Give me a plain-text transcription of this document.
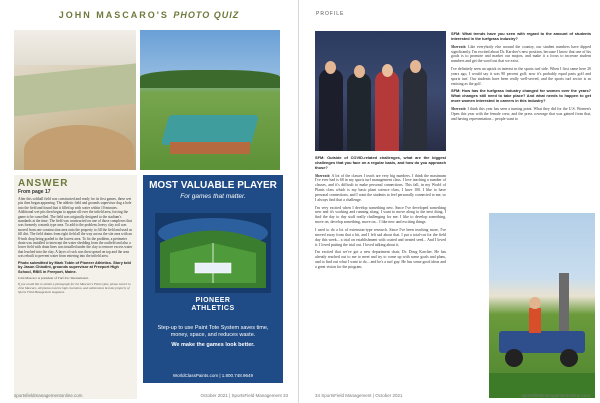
JOHN MASCARO'S PHOTO QUIZ
ANSWER
From page 17
After this softball field was constructed and ready for its first games, these wet pits then began appearing. The athletic field and grounds supervisor dug a hole into the field and found that it filled up with water within 10 minutes. Additional wet pits then began to appear all over the infield area, forcing the game to be cancelled. The field was originally designed to the stadium's standards at the time. The field was constructed on one of those complexes that was formerly a marsh type area. To add to the problem, heavy clay soil was moved from one construction area onto the property to fill the field and used as fill dirt. The field drains from right field all the way across the site area with an 8-inch drop being graded to the lowest area. To fix the problem, a perimeter drain was installed to intercept the water shedding from the outfield and also a lower field with drain lines was installed under the clay to remove excess water that leached into the clay. A layer of rock was then spread on top and the area was rebuilt to prevent water from entering into the infield area.
Photo submitted by Mark Tobin of Pioneer Athletics. Story told by Jason Chiodini, grounds supervisor at Freeport High School, RBIS in Freeport, Maine.
John Mascaro is president of Turf-Tec International.
If you would like to submit a photograph for the Mascaro's Photo Quiz, please send it to John Mascaro. All photos must be high resolution, and submissions become property of Sports Field Management magazine.
MOST VALUABLE PLAYER
For games that matter.
PIONEER
ATHLETICS
Step-up to use Paint Tote System saves time, money, space, and reduces waste.
We make the games look better.
WorldClassPaints.com | 1.800.748.9649
sportsfieldmanagementonline.com	October 2021 | SportsField Management 33
PROFILE

SFM: Outside of COVID-related challenges, what are the biggest challenges that you face on a regular basis, and how do you approach those?

Sherratt: A lot of the classes I teach are very big numbers. I think the maximum I've ever had is 60 in my sports turf management class. I love teaching a number of classes, and it's difficult to make personal connections. This fall, in my World of Plants class which is my basic plant science class, I have 100. I like to have personal connections, and I want the students to feel personally connected to me, so I always find that a challenge.

I'm very excited when I develop something new. Since I've developed something new and it's working and running along, I want to move along to the next thing. I find the day to day stuff really challenging for me. I like to develop something, move on, develop something, move on... I like new and exciting things.

I used to do a lot of extension-type research. Since I've been teaching more, I've moved away from that a bit, and I felt sad about that. I put a total-cut for the field day this week... a trial on establishment with coated and treated seed... And I loved it. I loved putting the trial out. I loved talking about it.

I'm excited that we've got a new department chair, Dr. Doug Karcher. He has already reached out to me to meet and try to come up with some goals and plans, and to find out what I want to do... and he's a turf guy. He has some good ideas and a great vision for the program.

SFM: What trends have you seen with regard to the amount of students interested in the turfgrass industry?

Sherratt: Like everybody else around the country, our student numbers have dipped significantly. I'm excited about Dr. Karcher's new position, because I know that one of his goals is to promote and market our majors, and make it a focus to increase student numbers and get the word out that we exist.

I've definitely seen an uptick in interest in the sports turf side. When I first came here 20 years ago, I would say it was 90 percent golf; now it's probably equal parts golf and sports turf. Our students have been really well-served, and the sports turf sector is as enticing as the golf.

SFM: How has the turfgrass industry changed for women over the years? What changes still need to take place? And what needs to happen to get more women interested in careers in this industry?

Sherratt: I think this year has seen a turning point. What they did for the U.S. Women's Open this year with the female crew, and the press coverage that was gained from that, and having representation... people want to

34 SportsField Management | October 2021	sportsfieldmanagementonline.com
